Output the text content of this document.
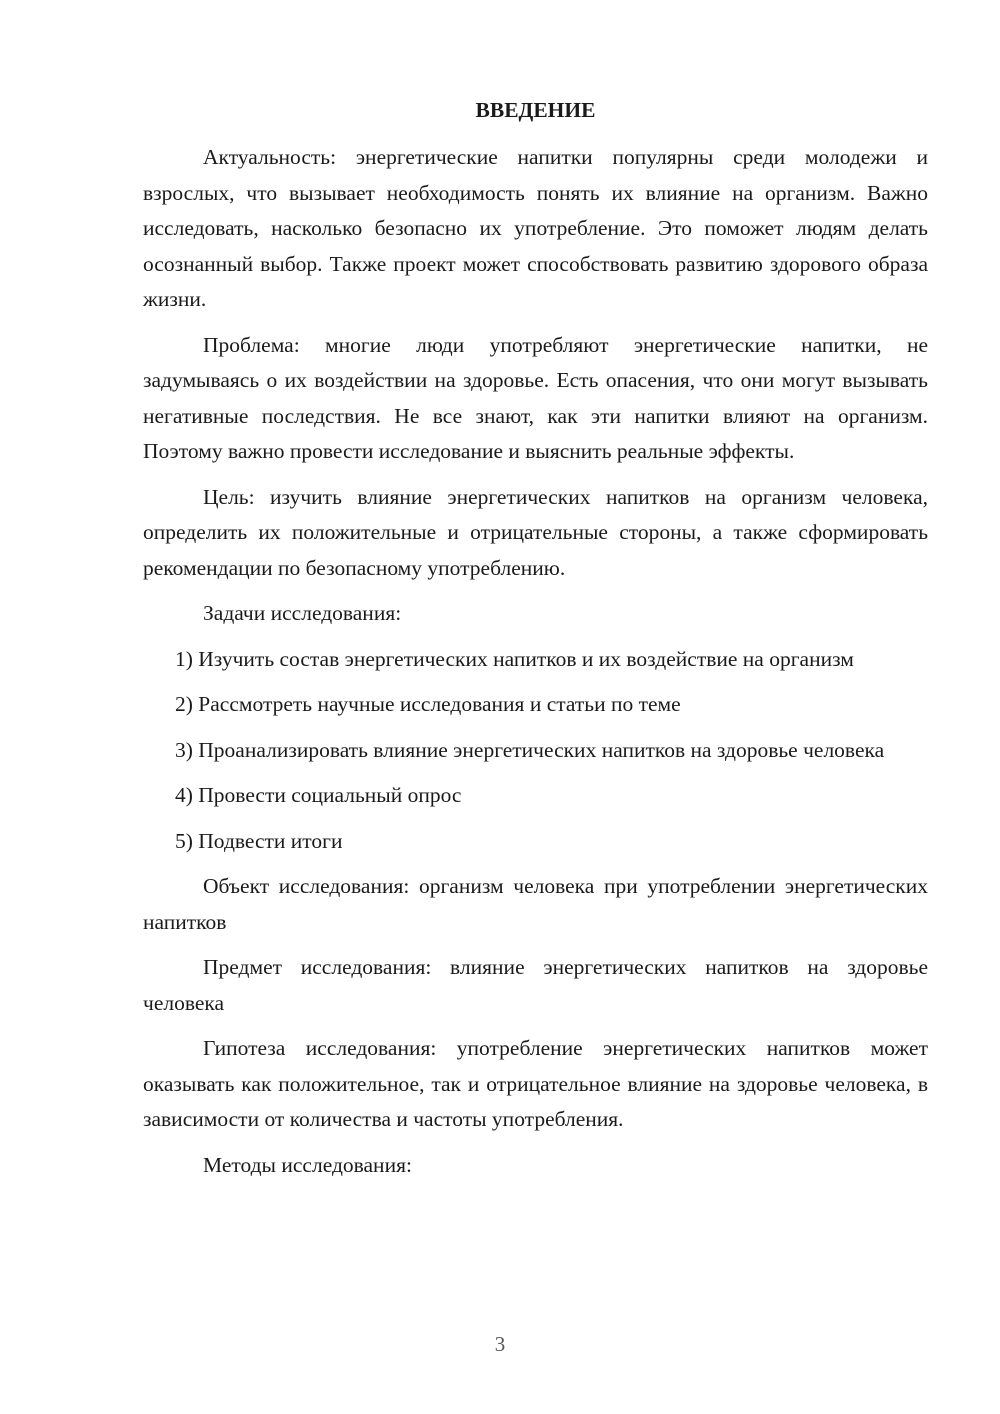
ВВЕДЕНИЕ

Актуальность: энергетические напитки популярны среди молодежи и взрослых, что вызывает необходимость понять их влияние на организм. Важно исследовать, насколько безопасно их употребление. Это поможет людям делать осознанный выбор. Также проект может способствовать развитию здорового образа жизни.

Проблема: многие люди употребляют энергетические напитки, не задумываясь о их воздействии на здоровье. Есть опасения, что они могут вызывать негативные последствия. Не все знают, как эти напитки влияют на организм. Поэтому важно провести исследование и выяснить реальные эффекты.

Цель: изучить влияние энергетических напитков на организм человека, определить их положительные и отрицательные стороны, а также сформировать рекомендации по безопасному употреблению.

Задачи исследования:

1) Изучить состав энергетических напитков и их воздействие на организм

2) Рассмотреть научные исследования и статьи по теме

3) Проанализировать влияние энергетических напитков на здоровье человека

4) Провести социальный опрос

5) Подвести итоги

Объект исследования: организм человека при употреблении энергетических напитков

Предмет исследования: влияние энергетических напитков на здоровье человека

Гипотеза исследования: употребление энергетических напитков может оказывать как положительное, так и отрицательное влияние на здоровье человека, в зависимости от количества и частоты употребления.

Методы исследования:

3
